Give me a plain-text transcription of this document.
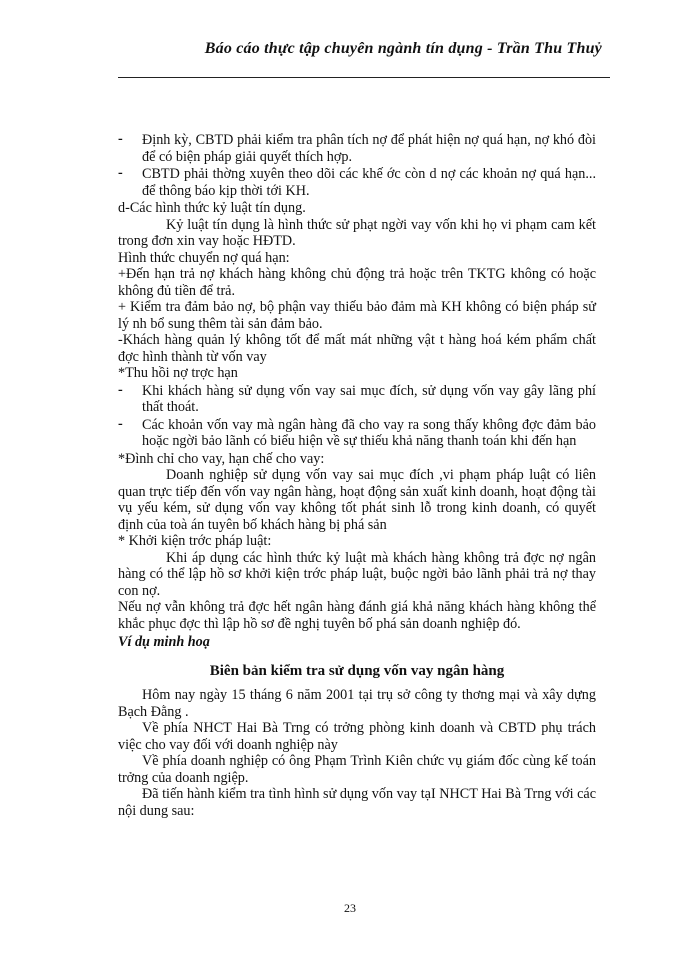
Báo cáo thực tập chuyên ngành tín dụng - Trần Thu Thuỷ
-	Định kỳ, CBTD phải kiểm tra phân tích nợ để phát hiện nợ quá hạn, nợ khó đòi để có biện pháp giải quyết thích hợp.
-	CBTD phải thờng xuyên theo dõi các khế ớc còn d nợ các khoản nợ quá hạn... để thông báo kịp thời tới KH.

d-Các hình thức kỷ luật tín dụng.

Kỷ luật tín dụng là hình thức sử phạt ngời vay vốn khi họ vi phạm cam kết trong đơn xin vay hoặc HĐTD.

Hình thức chuyển nợ quá hạn:

+Đến hạn trả nợ khách hàng không chủ động trả hoặc trên TKTG không có hoặc không đủ tiền để trả.

+ Kiểm tra đảm bảo nợ, bộ phận vay thiếu bảo đảm mà KH không có biện pháp sử lý nh bổ sung thêm tài sản đảm bảo.

-Khách hàng quản lý không tốt để mất mát những vật t hàng hoá kém phẩm chất đợc hình thành từ vốn vay

*Thu hồi nợ trợc hạn

-	Khi khách hàng sử dụng vốn vay sai mục đích, sử dụng vốn vay gây lãng phí thất thoát.
-	Các khoản vốn vay mà ngân hàng đã cho vay ra song thấy không đợc đảm bảo hoặc ngời bảo lãnh có biểu hiện về sự thiếu khả năng thanh toán khi đến hạn

*Đình chỉ cho vay, hạn chế cho vay:

Doanh nghiệp sử dụng vốn vay sai mục đích ,vi phạm pháp luật có liên quan trực tiếp đến vốn vay ngân hàng, hoạt động sản xuất kinh doanh, hoạt động tài vụ yếu kém, sử dụng vốn vay không tốt phát sinh lỗ trong kinh doanh, có quyết định của toà án tuyên bố khách hàng bị phá sản

* Khởi kiện trớc pháp luật:

Khi áp dụng các hình thức kỷ luật mà khách hàng không trả đợc nợ ngân hàng có thể lập hồ sơ khởi kiện trớc pháp luật, buộc ngời bảo lãnh phải trả nợ thay con nợ.

Nếu nợ vẫn không trả đợc hết ngân hàng đánh giá khả năng khách hàng không thể khắc phục đợc thì lập hồ sơ đề nghị tuyên bố phá sản doanh nghiệp đó.

Ví dụ minh hoạ

Biên bản kiểm tra sử dụng vốn vay ngân hàng

Hôm nay ngày 15 tháng 6 năm 2001 tại trụ sở công ty thơng mại và xây dựng Bạch Đằng .

Về phía NHCT Hai Bà Trng có trởng phòng kinh doanh và CBTD phụ trách việc cho vay đối với doanh nghiệp này

Về phía doanh nghiệp có ông Phạm Trình Kiên chức vụ giám đốc cùng kế toán trởng của doanh ngiệp.

Đã tiến hành kiểm tra tình hình sử dụng vốn vay tạI NHCT Hai Bà Trng với các nội dung sau:

23
